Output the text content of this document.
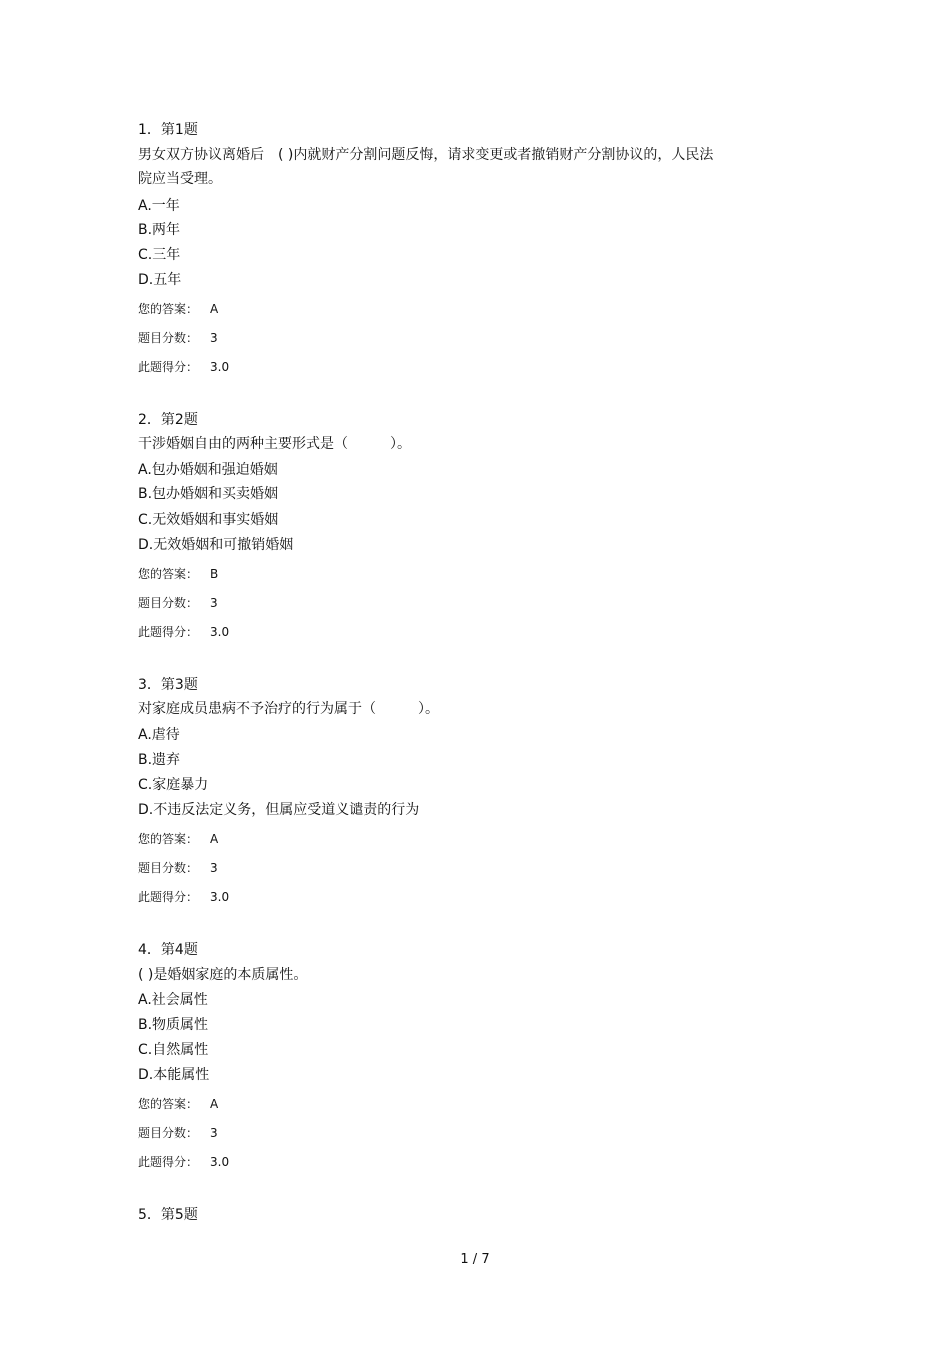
1．第1题
男女双方协议离婚后　( )内就财产分割问题反悔，请求变更或者撤销财产分割协议的，人民法
院应当受理。
A.一年
B.两年
C.三年
D.五年
您的答案： A
题目分数： 3
此题得分： 3.0
2．第2题
干涉婚姻自由的两种主要形式是（　　　）。
A.包办婚姻和强迫婚姻
B.包办婚姻和买卖婚姻
C.无效婚姻和事实婚姻
D.无效婚姻和可撤销婚姻
您的答案： B
题目分数： 3
此题得分： 3.0
3．第3题
对家庭成员患病不予治疗的行为属于（　　　）。
A.虐待
B.遗弃
C.家庭暴力
D.不违反法定义务，但属应受道义谴责的行为
您的答案： A
题目分数： 3
此题得分： 3.0
4．第4题
( )是婚姻家庭的本质属性。
A.社会属性
B.物质属性
C.自然属性
D.本能属性
您的答案： A
题目分数： 3
此题得分： 3.0
5．第5题
1 / 7
